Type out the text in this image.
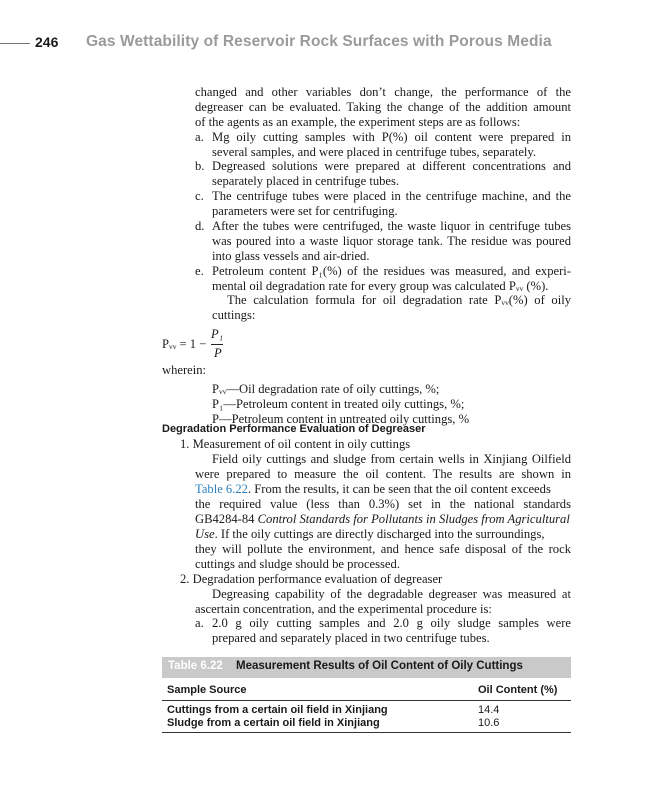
246 Gas Wettability of Reservoir Rock Surfaces with Porous Media
changed and other variables don’t change, the performance of the
degreaser can be evaluated. Taking the change of the addition amount
of the agents as an example, the experiment steps are as follows:
a. Mg oily cutting samples with P(%) oil content were prepared in
several samples, and were placed in centrifuge tubes, separately.
b. Degreased solutions were prepared at different concentrations and
separately placed in centrifuge tubes.
c. The centrifuge tubes were placed in the centrifuge machine, and the
parameters were set for centrifuging.
d. After the tubes were centrifuged, the waste liquor in centrifuge tubes
was poured into a waste liquor storage tank. The residue was poured
into glass vessels and air-dried.
e. Petroleum content P₁(%) of the residues was measured, and experi-
mental oil degradation rate for every group was calculated Pᵥᵥ (%).
The calculation formula for oil degradation rate Pᵥᵥ(%) of oily
cuttings:
Pᵥᵥ = 1 −
P₁
P
wherein:
Pᵥᵥ—Oil degradation rate of oily cuttings, %;
P₁—Petroleum content in treated oily cuttings, %;
P—Petroleum content in untreated oily cuttings, %
Degradation Performance Evaluation of Degreaser
1. Measurement of oil content in oily cuttings
Field oily cuttings and sludge from certain wells in Xinjiang Oilfield
were prepared to measure the oil content. The results are shown in
Table 6.22. From the results, it can be seen that the oil content exceeds
the required value (less than 0.3%) set in the national standards
GB4284-84 Control Standards for Pollutants in Sludges from Agricultural
Use. If the oily cuttings are directly discharged into the surroundings,
they will pollute the environment, and hence safe disposal of the rock
cuttings and sludge should be processed.
2. Degradation performance evaluation of degreaser
Degreasing capability of the degradable degreaser was measured at
ascertain concentration, and the experimental procedure is:
a. 2.0 g oily cutting samples and 2.0 g oily sludge samples were
prepared and separately placed in two centrifuge tubes.
Table 6.22 Measurement Results of Oil Content of Oily Cuttings
Sample Source	Oil Content (%)
Cuttings from a certain oil field in Xinjiang	14.4
Sludge from a certain oil field in Xinjiang	10.6
